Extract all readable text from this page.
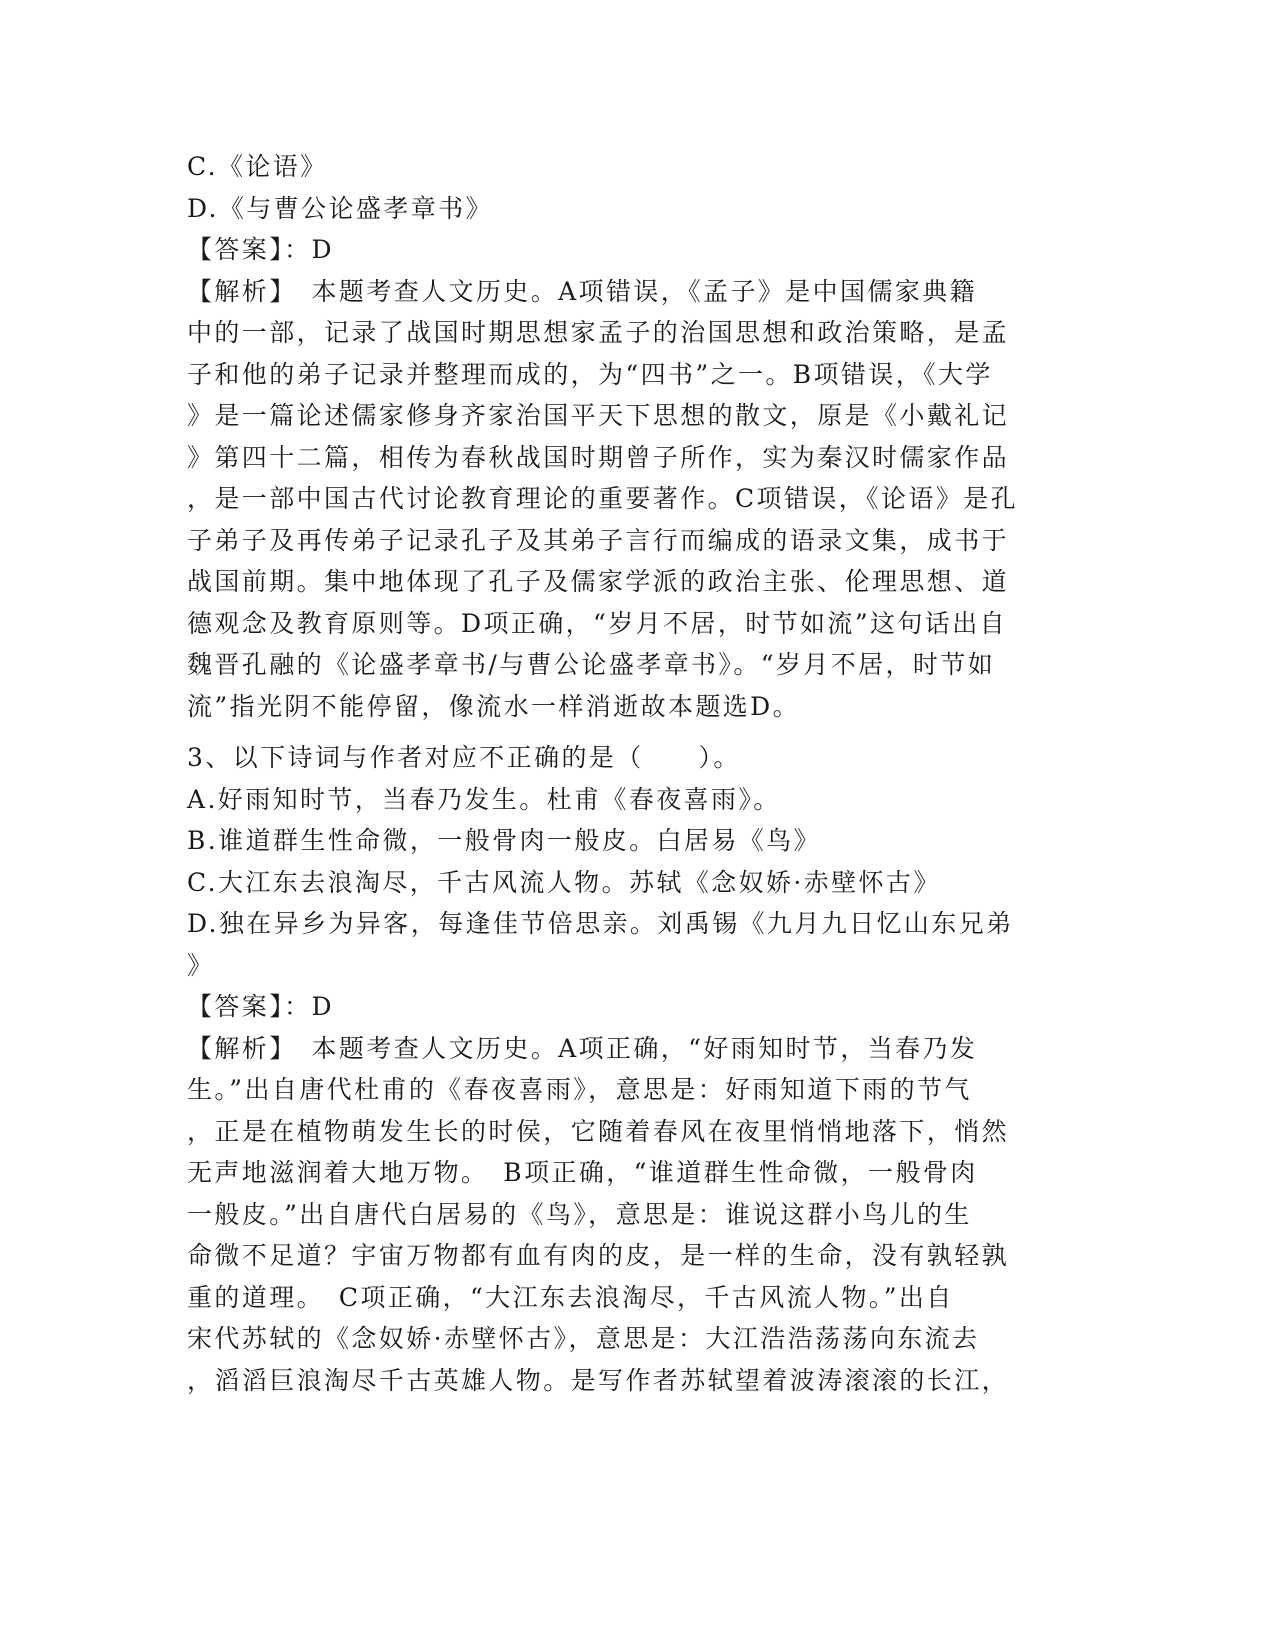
C.《论语》
D.《与曹公论盛孝章书》
【答案】：D
【解析】　本题考查人文历史。A项错误，《孟子》是中国儒家典籍
中的一部，记录了战国时期思想家孟子的治国思想和政治策略，是孟
子和他的弟子记录并整理而成的，为“四书”之一。B项错误，《大学
》是一篇论述儒家修身齐家治国平天下思想的散文，原是《小戴礼记
》第四十二篇，相传为春秋战国时期曾子所作，实为秦汉时儒家作品
，是一部中国古代讨论教育理论的重要著作。C项错误，《论语》是孔
子弟子及再传弟子记录孔子及其弟子言行而编成的语录文集，成书于
战国前期。集中地体现了孔子及儒家学派的政治主张、伦理思想、道
德观念及教育原则等。D项正确，“岁月不居，时节如流”这句话出自
魏晋孔融的《论盛孝章书/与曹公论盛孝章书》。“岁月不居，时节如
流”指光阴不能停留，像流水一样消逝故本题选D。
3、以下诗词与作者对应不正确的是（　　）。
A.好雨知时节，当春乃发生。杜甫《春夜喜雨》。
B.谁道群生性命微，一般骨肉一般皮。白居易《鸟》
C.大江东去浪淘尽，千古风流人物。苏轼《念奴娇·赤壁怀古》
D.独在异乡为异客，每逢佳节倍思亲。刘禹锡《九月九日忆山东兄弟
》
【答案】：D
【解析】　本题考查人文历史。A项正确，“好雨知时节，当春乃发
生。”出自唐代杜甫的《春夜喜雨》，意思是：好雨知道下雨的节气
，正是在植物萌发生长的时侯，它随着春风在夜里悄悄地落下，悄然
无声地滋润着大地万物。　B项正确，“谁道群生性命微，一般骨肉
一般皮。”出自唐代白居易的《鸟》，意思是：谁说这群小鸟儿的生
命微不足道？宇宙万物都有血有肉的皮，是一样的生命，没有孰轻孰
重的道理。　C项正确，“大江东去浪淘尽，千古风流人物。”出自
宋代苏轼的《念奴娇·赤壁怀古》，意思是：大江浩浩荡荡向东流去
，滔滔巨浪淘尽千古英雄人物。是写作者苏轼望着波涛滚滚的长江，
